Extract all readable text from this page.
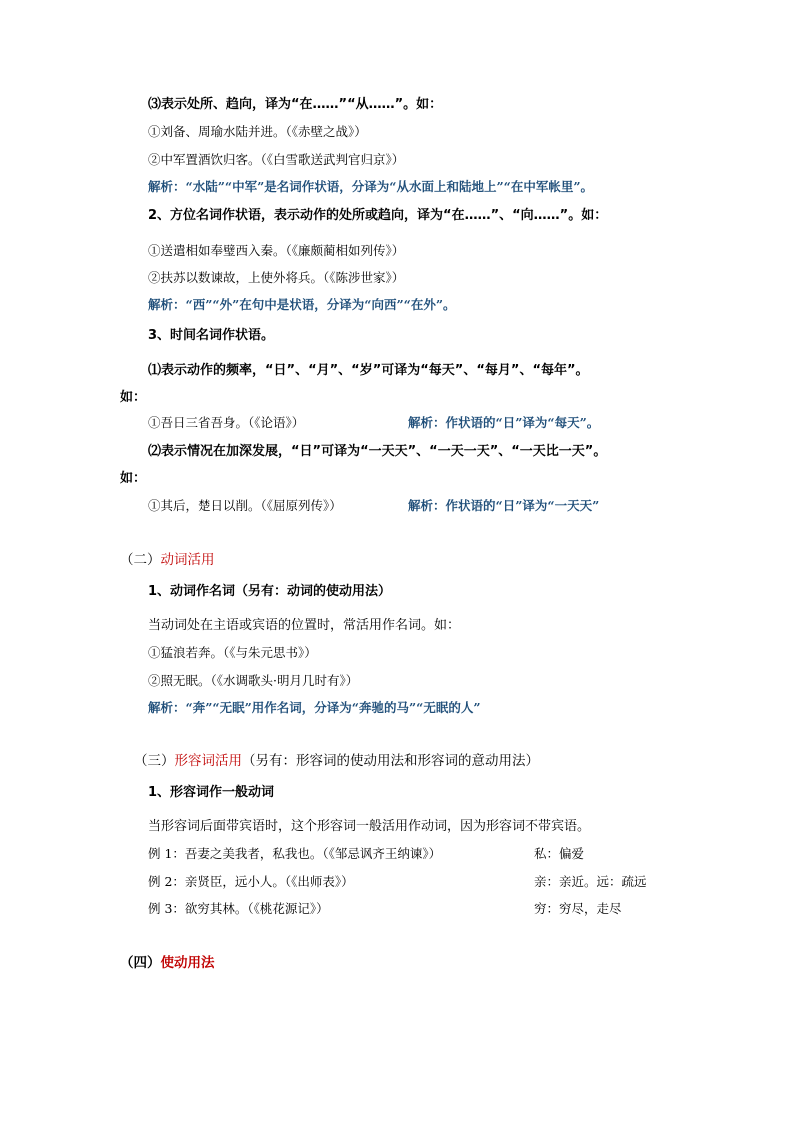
⑶表示处所、趋向，译为“在……”“从……”。如：
①刘备、周瑜水陆并进。（《赤壁之战》）
②中军置酒饮归客。（《白雪歌送武判官归京》）
解析：“水陆”“中军”是名词作状语，分译为“从水面上和陆地上”“在中军帐里”。
2、方位名词作状语，表示动作的处所或趋向，译为“在……”、“向……”。如：
①送遣相如奉璧西入秦。（《廉颇蔺相如列传》）
②扶苏以数谏故，上使外将兵。（《陈涉世家》）
解析：“西”“外”在句中是状语，分译为“向西”“在外”。
3、时间名词作状语。
⑴表示动作的频率，“日”、“月”、“岁”可译为“每天”、“每月”、“每年”。
如：
①吾日三省吾身。（《论语》）	解析：作状语的“日”译为“每天”。
⑵表示情况在加深发展，“日”可译为“一天天”、“一天一天”、“一天比一天”。
如：
①其后，楚日以削。（《屈原列传》）	解析：作状语的“日”译为“一天天”
（二）动词活用
1、动词作名词（另有：动词的使动用法）
当动词处在主语或宾语的位置时，常活用作名词。如：
①猛浪若奔。（《与朱元思书》）
②照无眠。（《水调歌头·明月几时有》）
解析：“奔”“无眠”用作名词，分译为“奔驰的马”“无眠的人”
（三）形容词活用（另有：形容词的使动用法和形容词的意动用法）
1、形容词作一般动词
当形容词后面带宾语时，这个形容词一般活用作动词，因为形容词不带宾语。
例 1：吾妻之美我者，私我也。（《邹忌讽齐王纳谏》）	私：偏爱
例 2：亲贤臣，远小人。（《出师表》）	亲：亲近。远：疏远
例 3：欲穷其林。（《桃花源记》）	穷：穷尽，走尽
（四）使动用法
